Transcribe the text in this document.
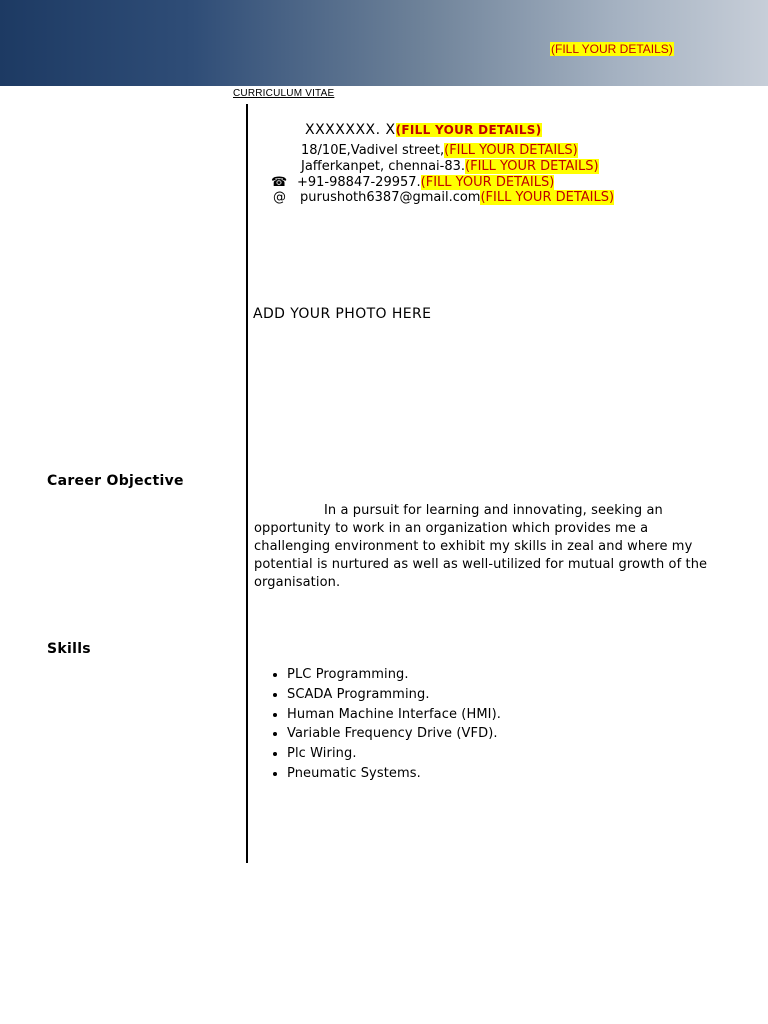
(FILL YOUR DETAILS)
CURRICULUM VITAE
XXXXXXX. X(FILL YOUR DETAILS)
18/10E,Vadivel street,(FILL YOUR DETAILS)
Jafferkanpet, chennai-83.(FILL YOUR DETAILS)
☎ +91-98847-29957.(FILL YOUR DETAILS)
@ purushoth6387@gmail.com(FILL YOUR DETAILS)
ADD YOUR PHOTO HERE
Career Objective
In a pursuit for learning and innovating, seeking an opportunity to work in an organization which provides me a challenging environment to exhibit my skills in zeal and where my potential is nurtured as well as well-utilized for mutual growth of the organisation.
Skills
• PLC Programming.
• SCADA Programming.
• Human Machine Interface (HMI).
• Variable Frequency Drive (VFD).
• Plc Wiring.
• Pneumatic Systems.
